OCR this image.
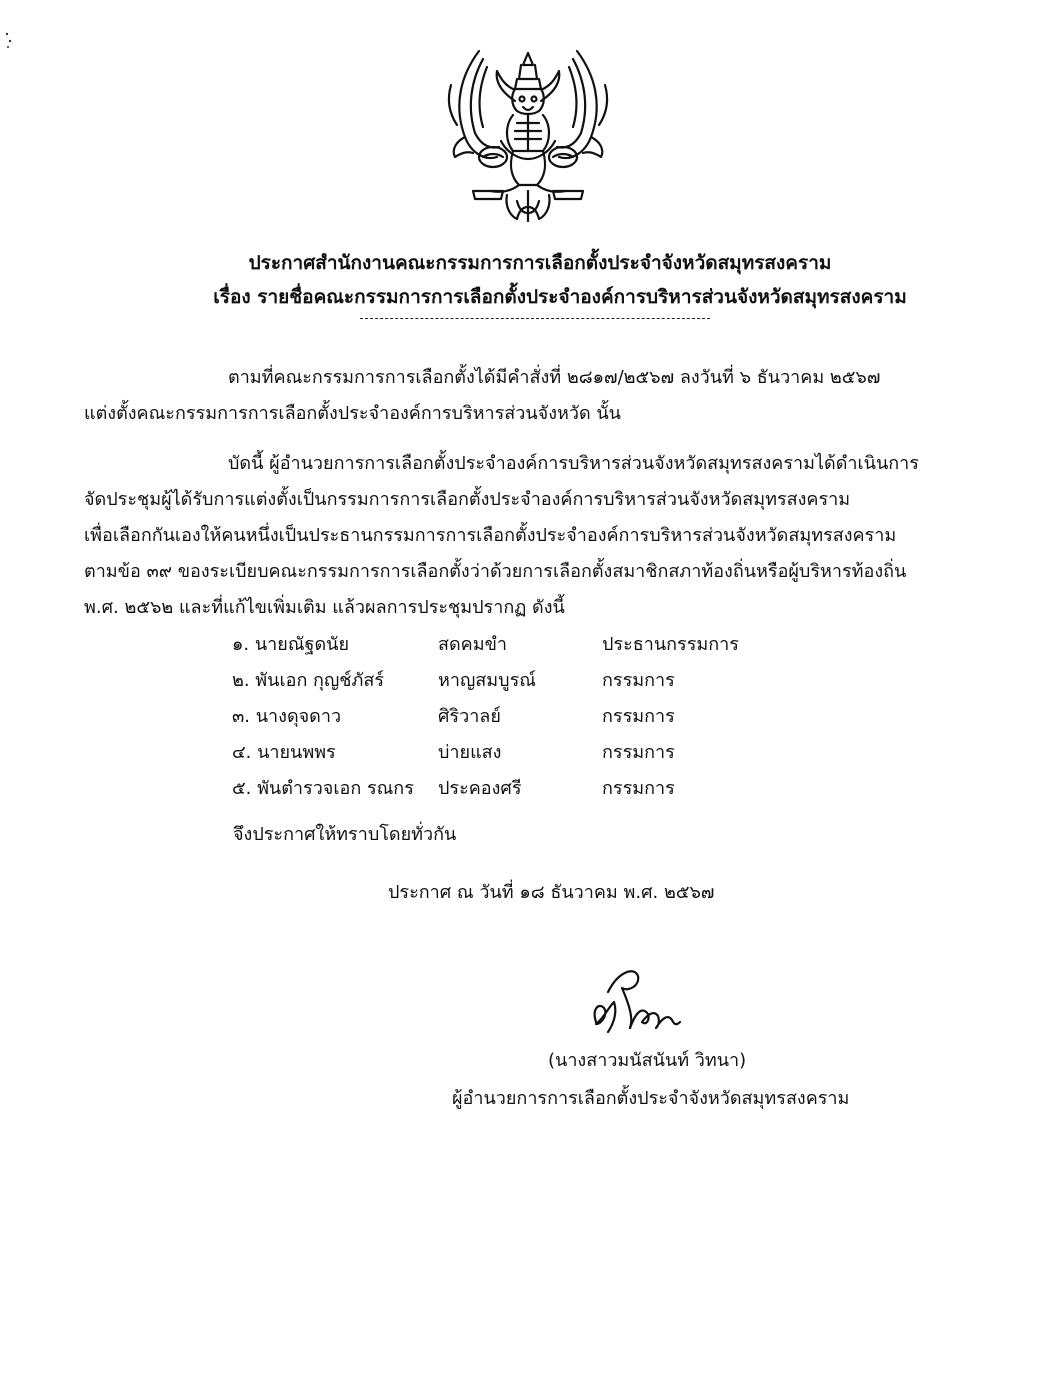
ประกาศสำนักงานคณะกรรมการการเลือกตั้งประจำจังหวัดสมุทรสงคราม
เรื่อง รายชื่อคณะกรรมการการเลือกตั้งประจำองค์การบริหารส่วนจังหวัดสมุทรสงคราม
ตามที่คณะกรรมการการเลือกตั้งได้มีคำสั่งที่ ๒๘๑๗/๒๕๖๗ ลงวันที่ ๖ ธันวาคม ๒๕๖๗
แต่งตั้งคณะกรรมการการเลือกตั้งประจำองค์การบริหารส่วนจังหวัด นั้น
บัดนี้ ผู้อำนวยการการเลือกตั้งประจำองค์การบริหารส่วนจังหวัดสมุทรสงครามได้ดำเนินการ
จัดประชุมผู้ได้รับการแต่งตั้งเป็นกรรมการการเลือกตั้งประจำองค์การบริหารส่วนจังหวัดสมุทรสงคราม
เพื่อเลือกกันเองให้คนหนึ่งเป็นประธานกรรมการการเลือกตั้งประจำองค์การบริหารส่วนจังหวัดสมุทรสงคราม
ตามข้อ ๓๙ ของระเบียบคณะกรรมการการเลือกตั้งว่าด้วยการเลือกตั้งสมาชิกสภาท้องถิ่นหรือผู้บริหารท้องถิ่น
พ.ศ. ๒๕๖๒ และที่แก้ไขเพิ่มเติม แล้วผลการประชุมปรากฏ ดังนี้
๑. นายณัฐดนัย	สดคมขำ	ประธานกรรมการ
๒. พันเอก กุญช์ภัสร์	หาญสมบูรณ์	กรรมการ
๓. นางดุจดาว	ศิริวาลย์	กรรมการ
๔. นายนพพร	บ่ายแสง	กรรมการ
๕. พันตำรวจเอก รณกร	ประคองศรี	กรรมการ
จึงประกาศให้ทราบโดยทั่วกัน
ประกาศ ณ วันที่ ๑๘ ธันวาคม พ.ศ. ๒๕๖๗
(นางสาวมนัสนันท์ วิทนา)
ผู้อำนวยการการเลือกตั้งประจำจังหวัดสมุทรสงคราม
